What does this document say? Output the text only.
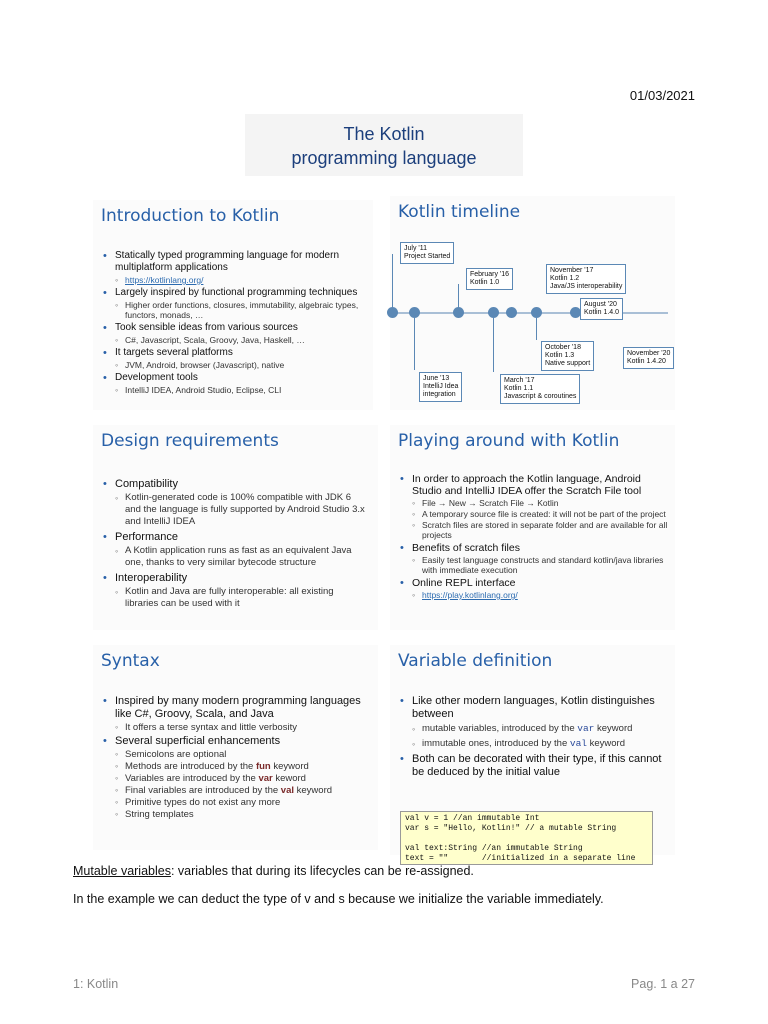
01/03/2021
The Kotlin
programming language
Introduction to Kotlin
• Statically typed programming language for modern multiplatform applications
◦ https://kotlinlang.org/
• Largely inspired by functional programming techniques
◦ Higher order functions, closures, immutability, algebraic types, functors, monads, …
• Took sensible ideas from various sources
◦ C#, Javascript, Scala, Groovy, Java, Haskell, …
• It targets several platforms
◦ JVM, Android, browser (Javascript), native
• Development tools
◦ IntelliJ IDEA, Android Studio, Eclipse, CLI
Kotlin timeline
July '11
Project Started
February '16
Kotlin 1.0
November '17
Kotlin 1.2
Java/JS interoperability
August '20
Kotlin 1.4.0
October '18
Kotlin 1.3
Native support
November '20
Kotlin 1.4.20
June '13
IntelliJ Idea
integration
March '17
Kotlin 1.1
Javascript & coroutines
Design requirements
• Compatibility
◦ Kotlin-generated code is 100% compatible with JDK 6 and the language is fully supported by Android Studio 3.x and IntelliJ IDEA
• Performance
◦ A Kotlin application runs as fast as an equivalent Java one, thanks to very similar bytecode structure
• Interoperability
◦ Kotlin and Java are fully interoperable: all existing libraries can be used with it
Playing around with Kotlin
• In order to approach the Kotlin language, Android Studio and IntelliJ IDEA offer the Scratch File tool
◦ File → New → Scratch File → Kotlin
◦ A temporary source file is created: it will not be part of the project
◦ Scratch files are stored in separate folder and are available for all projects
• Benefits of scratch files
◦ Easily test language constructs and standard kotlin/java libraries with immediate execution
• Online REPL interface
◦ https://play.kotlinlang.org/
Syntax
• Inspired by many modern programming languages like C#, Groovy, Scala, and Java
◦ It offers a terse syntax and little verbosity
• Several superficial enhancements
◦ Semicolons are optional
◦ Methods are introduced by the fun keyword
◦ Variables are introduced by the var keword
◦ Final variables are introduced by the val keyword
◦ Primitive types do not exist any more
◦ String templates
Variable definition
• Like other modern languages, Kotlin distinguishes between
◦ mutable variables, introduced by the var keyword
◦ immutable ones, introduced by the val keyword
• Both can be decorated with their type, if this cannot be deduced by the initial value
val v = 1 //an immutable Int
var s = "Hello, Kotlin!" // a mutable String

val text:String //an immutable String
text = ""       //initialized in a separate line
Mutable variables: variables that during its lifecycles can be re-assigned.
In the example we can deduct the type of v and s because we initialize the variable immediately.
1: Kotlin	Pag. 1 a 27
